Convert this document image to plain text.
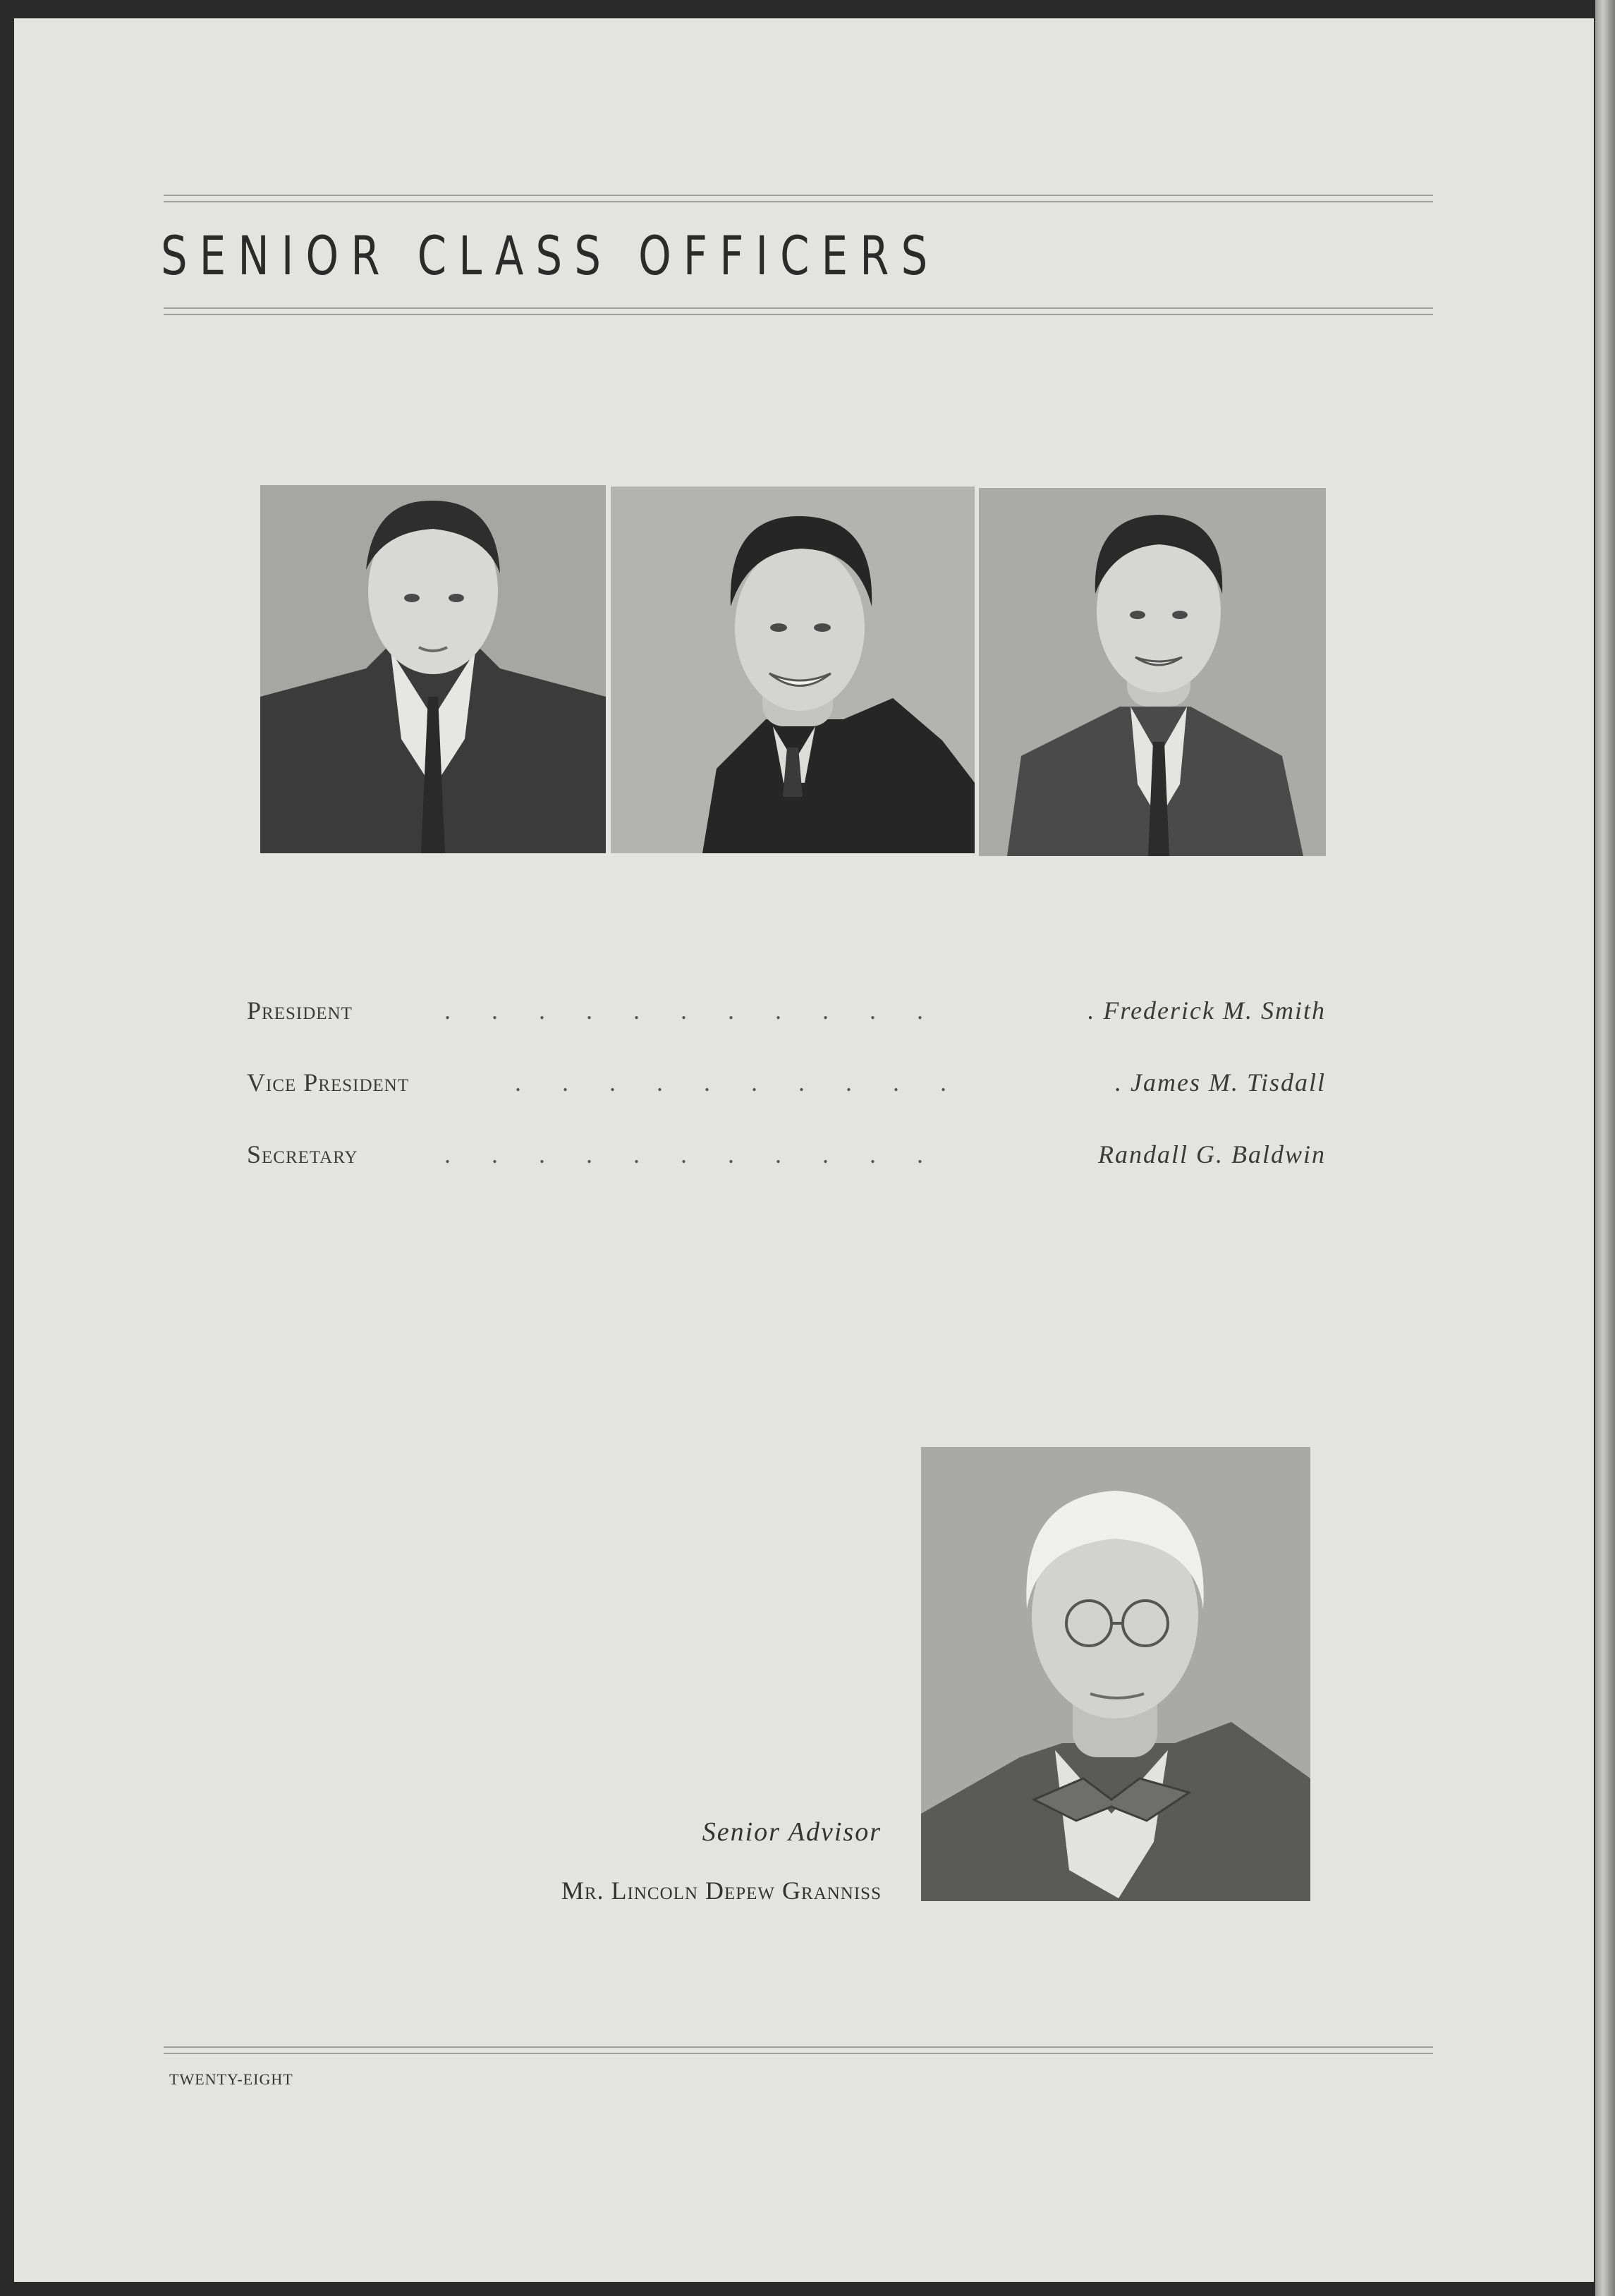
SENIOR CLASS OFFICERS
President	...........	. Frederick M. Smith
Vice President	..........	. James M. Tisdall
Secretary	...........	Randall G. Baldwin
Senior Advisor
Mr. Lincoln Depew Granniss
TWENTY-EIGHT
